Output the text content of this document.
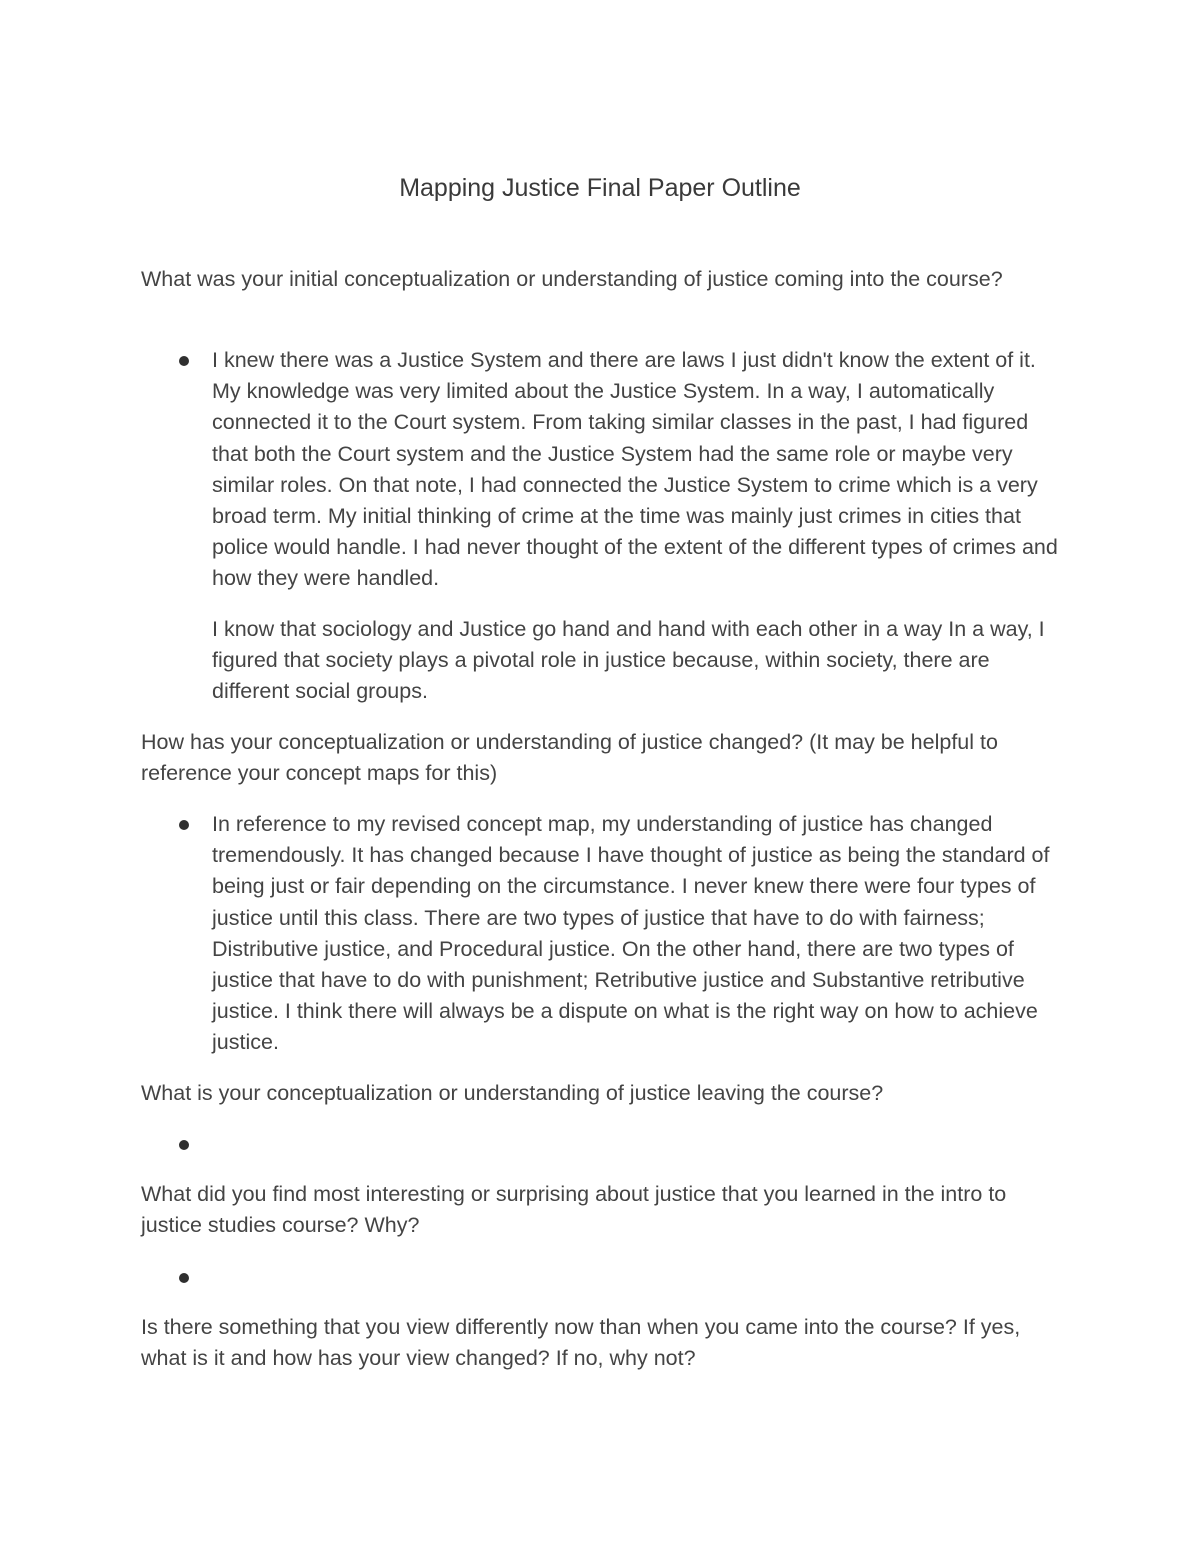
Mapping Justice Final Paper Outline

What was your initial conceptualization or understanding of justice coming into the course?

I knew there was a Justice System and there are laws I just didn't know the extent of it. My knowledge was very limited about the Justice System. In a way, I automatically connected it to the Court system. From taking similar classes in the past, I had figured that both the Court system and the Justice System had the same role or maybe very similar roles. On that note, I had connected the Justice System to crime which is a very broad term. My initial thinking of crime at the time was mainly just crimes in cities that police would handle. I had never thought of the extent of the different types of crimes and how they were handled.

I know that sociology and Justice go hand and hand with each other in a way In a way, I figured that society plays a pivotal role in justice because, within society, there are different social groups.

How has your conceptualization or understanding of justice changed? (It may be helpful to reference your concept maps for this)

In reference to my revised concept map, my understanding of justice has changed tremendously. It has changed because I have thought of justice as being the standard of being just or fair depending on the circumstance. I never knew there were four types of justice until this class. There are two types of justice that have to do with fairness; Distributive justice, and Procedural justice. On the other hand, there are two types of justice that have to do with punishment; Retributive justice and Substantive retributive justice. I think there will always be a dispute on what is the right way on how to achieve justice.

What is your conceptualization or understanding of justice leaving the course?

What did you find most interesting or surprising about justice that you learned in the intro to justice studies course? Why?

Is there something that you view differently now than when you came into the course? If yes, what is it and how has your view changed? If no, why not?
